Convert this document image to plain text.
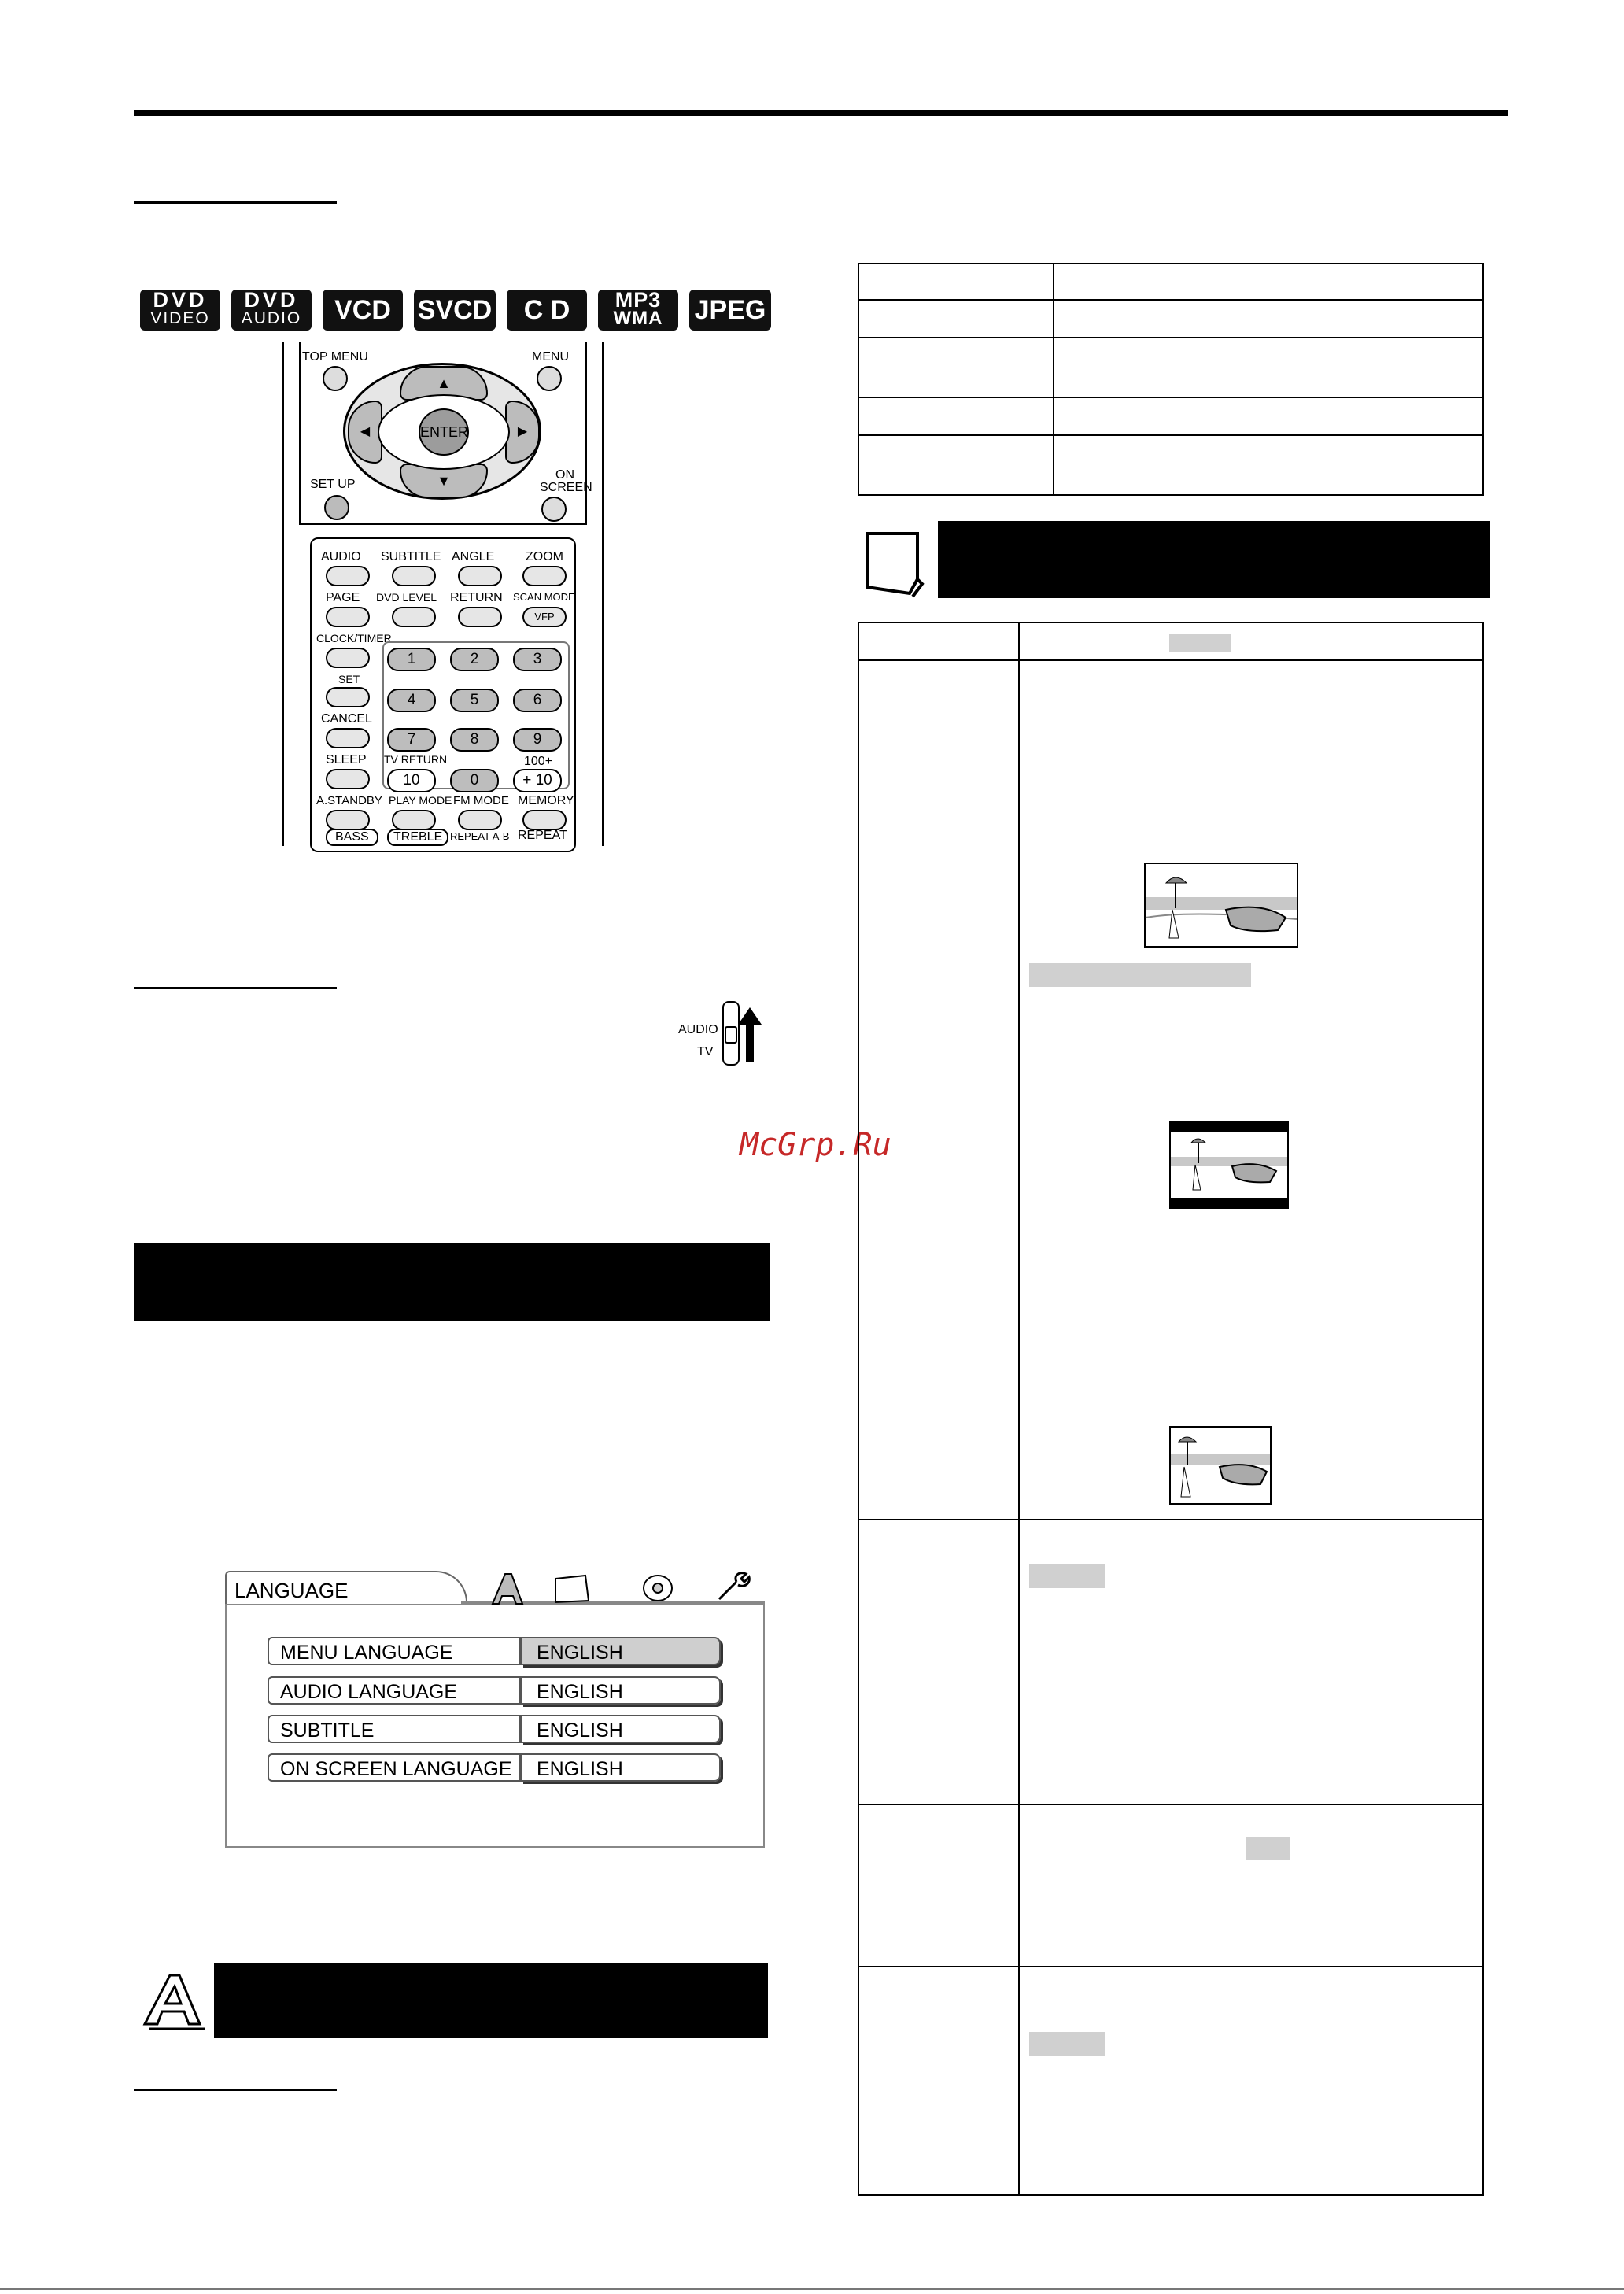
DVD
VIDEO
DVD
AUDIO	VCD SVCD	C D	MP3
WMA	JPEG
TOP MENU	MENU
▲
▼
◀	▶
ENTER
SET UP
ON
SCREEN
AUDIO SUBTITLE ANGLE ZOOM
PAGE DVD LEVEL RETURN SCAN MODE
VFP
CLOCK/TIMER
SET
CANCEL
SLEEP
1	2	3
4	5	6
7	8	9
TV RETURN	100+
10	0	+ 10
A.STANDBY PLAY MODE FM MODE MEMORY
BASS	TREBLE REPEAT A-B REPEAT
AUDIO
TV
LANGUAGE
MENU LANGUAGE	ENGLISH
AUDIO LANGUAGE	ENGLISH
SUBTITLE	ENGLISH
ON SCREEN LANGUAGE	ENGLISH
McGrp.Ru
